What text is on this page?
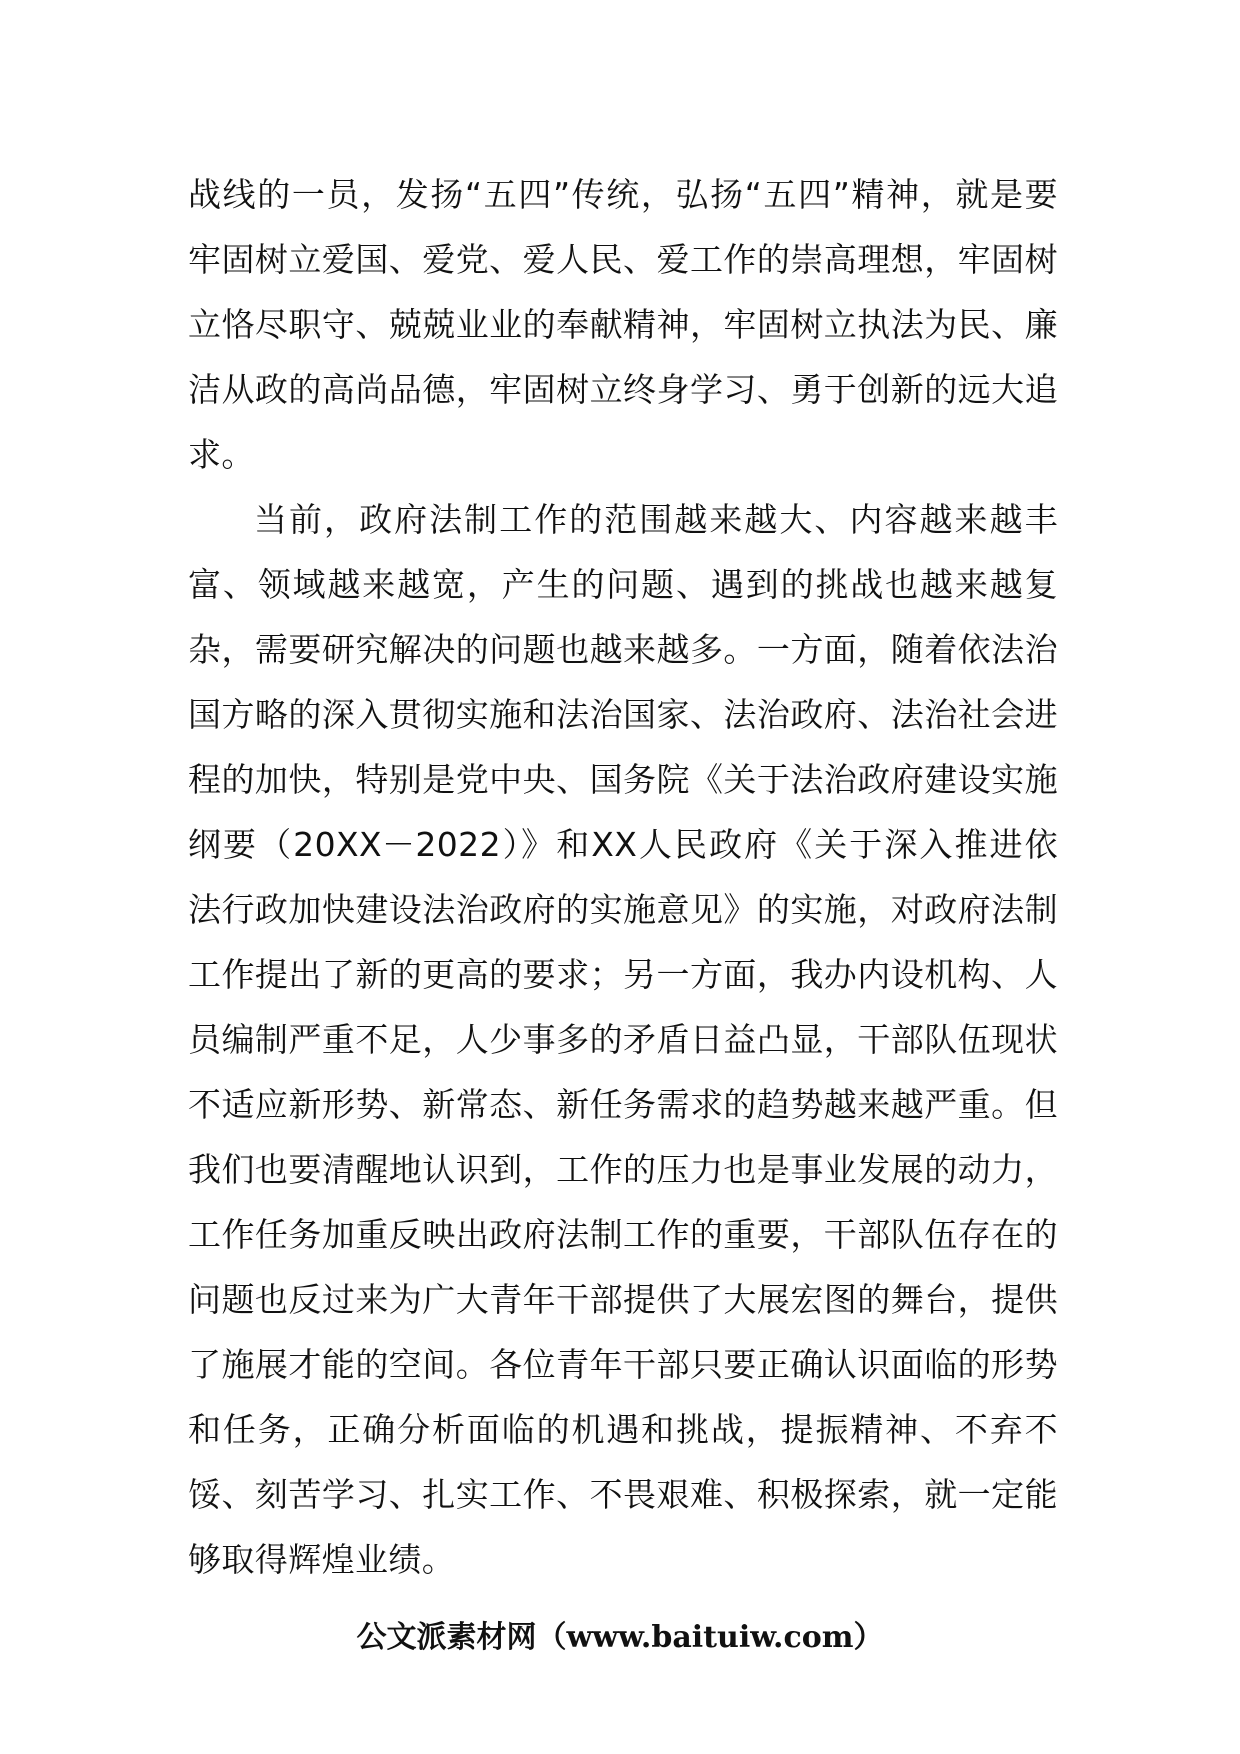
战线的一员，发扬“五四”传统，弘扬“五四”精神，就是要牢固树立爱国、爱党、爱人民、爱工作的崇高理想，牢固树立恪尽职守、兢兢业业的奉献精神，牢固树立执法为民、廉洁从政的高尚品德，牢固树立终身学习、勇于创新的远大追求。

当前，政府法制工作的范围越来越大、内容越来越丰富、领域越来越宽，产生的问题、遇到的挑战也越来越复杂，需要研究解决的问题也越来越多。一方面，随着依法治国方略的深入贯彻实施和法治国家、法治政府、法治社会进程的加快，特别是党中央、国务院《关于法治政府建设实施纲要（20XX－2022）》和XX人民政府《关于深入推进依法行政加快建设法治政府的实施意见》的实施，对政府法制工作提出了新的更高的要求；另一方面，我办内设机构、人员编制严重不足，人少事多的矛盾日益凸显，干部队伍现状不适应新形势、新常态、新任务需求的趋势越来越严重。但我们也要清醒地认识到，工作的压力也是事业发展的动力，工作任务加重反映出政府法制工作的重要，干部队伍存在的问题也反过来为广大青年干部提供了大展宏图的舞台，提供了施展才能的空间。各位青年干部只要正确认识面临的形势和任务，正确分析面临的机遇和挑战，提振精神、不弃不馁、刻苦学习、扎实工作、不畏艰难、积极探索，就一定能够取得辉煌业绩。

公文派素材网（www.baituiw.com）
